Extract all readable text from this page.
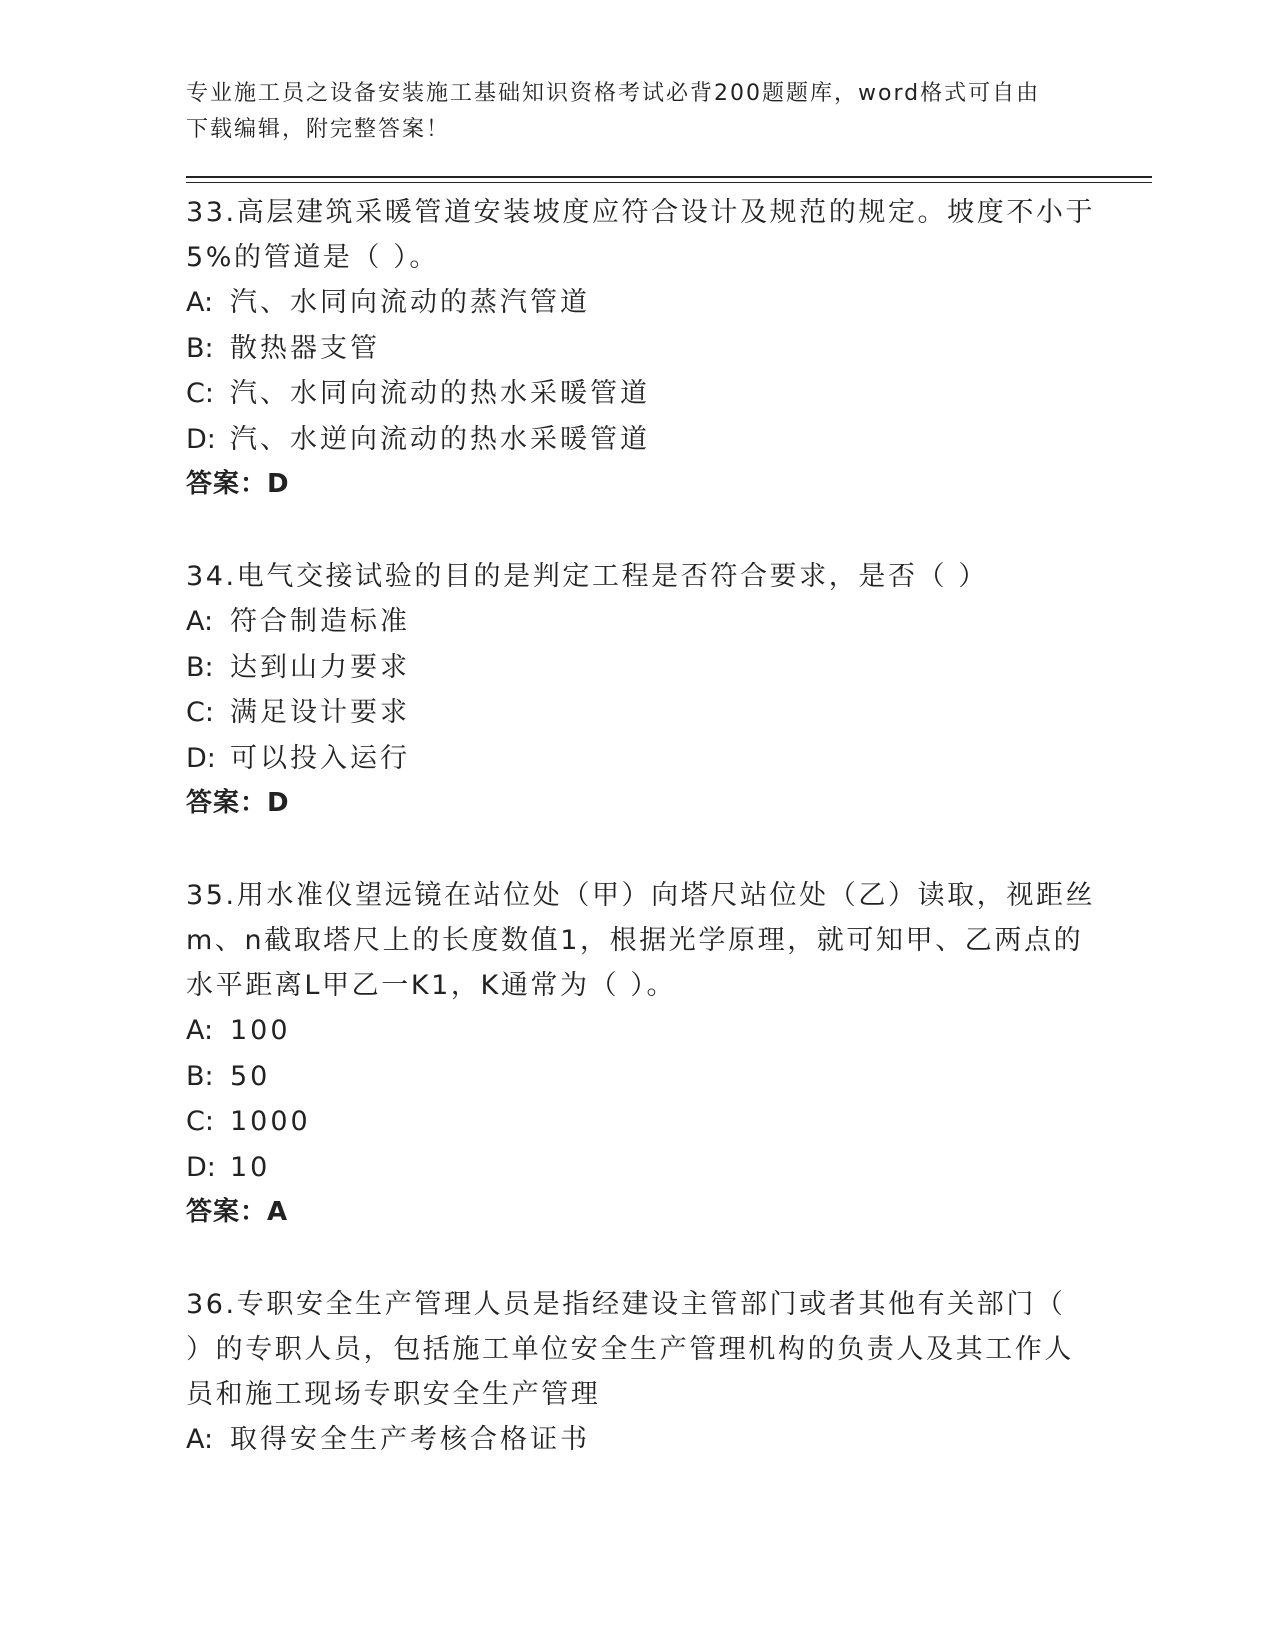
专业施工员之设备安装施工基础知识资格考试必背200题题库，word格式可自由
下载编辑，附完整答案！
33.高层建筑采暖管道安装坡度应符合设计及规范的规定。坡度不小于
5%的管道是（ ）。
A: 汽、水同向流动的蒸汽管道
B: 散热器支管
C: 汽、水同向流动的热水采暖管道
D: 汽、水逆向流动的热水采暖管道
答案：D
34.电气交接试验的目的是判定工程是否符合要求，是否（ ）
A: 符合制造标准
B: 达到山力要求
C: 满足设计要求
D: 可以投入运行
答案：D
35.用水准仪望远镜在站位处（甲）向塔尺站位处（乙）读取，视距丝
m、n截取塔尺上的长度数值1，根据光学原理，就可知甲、乙两点的
水平距离L甲乙一K1，K通常为（ ）。
A: 100
B: 50
C: 1000
D: 10
答案：A
36.专职安全生产管理人员是指经建设主管部门或者其他有关部门（
）的专职人员，包括施工单位安全生产管理机构的负责人及其工作人
员和施工现场专职安全生产管理
A: 取得安全生产考核合格证书
